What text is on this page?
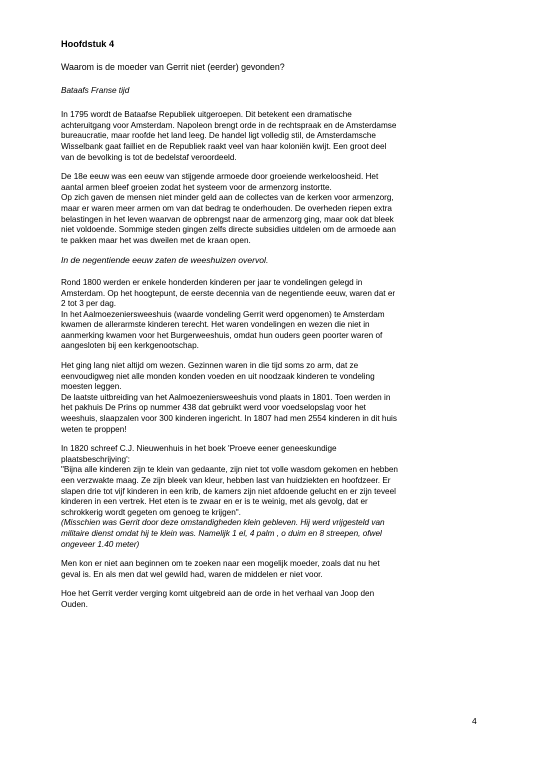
Hoofdstuk 4

Waarom is de moeder van Gerrit niet (eerder) gevonden?

Bataafs Franse tijd

In 1795 wordt de Bataafse Republiek uitgeroepen. Dit betekent een dramatische
achteruitgang voor Amsterdam. Napoleon brengt orde in de rechtspraak en de Amsterdamse
bureaucratie, maar roofde het land leeg. De handel ligt volledig stil, de Amsterdamsche
Wisselbank gaat failliet en de Republiek raakt veel van haar koloniën kwijt. Een groot deel
van de bevolking is tot de bedelstaf veroordeeld.

De 18e eeuw was een eeuw van stijgende armoede door groeiende werkeloosheid. Het
aantal armen bleef groeien zodat het systeem voor de armenzorg instortte.
Op zich gaven de mensen niet minder geld aan de collectes van de kerken voor armenzorg,
maar er waren meer armen om van dat bedrag te onderhouden. De overheden riepen extra
belastingen in het leven waarvan de opbrengst naar de armenzorg ging, maar ook dat bleek
niet voldoende. Sommige steden gingen zelfs directe subsidies uitdelen om de armoede aan
te pakken maar het was dweilen met de kraan open.

In de negentiende eeuw zaten de weeshuizen overvol.

Rond 1800 werden er enkele honderden kinderen per jaar te vondelingen gelegd in
Amsterdam. Op het hoogtepunt, de eerste decennia van de negentiende eeuw, waren dat er
2 tot 3 per dag.
In het Aalmoezeniersweeshuis (waarde vondeling Gerrit werd opgenomen) te Amsterdam
kwamen de allerarmste kinderen terecht. Het waren vondelingen en wezen die niet in
aanmerking kwamen voor het Burgerweeshuis, omdat hun ouders geen poorter waren of
aangesloten bij een kerkgenootschap.

Het ging lang niet altijd om wezen. Gezinnen waren in die tijd soms zo arm, dat ze
eenvoudigweg niet alle monden konden voeden en uit noodzaak kinderen te vondeling
moesten leggen.
De laatste uitbreiding van het Aalmoezeniersweeshuis vond plaats in 1801. Toen werden in
het pakhuis De Prins op nummer 438 dat gebruikt werd voor voedselopslag voor het
weeshuis, slaapzalen voor 300 kinderen ingericht. In 1807 had men 2554 kinderen in dit huis
weten te proppen!

In 1820 schreef C.J. Nieuwenhuis in het boek 'Proeve eener geneeskundige
plaatsbeschrijving':
"Bijna alle kinderen zijn te klein van gedaante, zijn niet tot volle wasdom gekomen en hebben
een verzwakte maag. Ze zijn bleek van kleur, hebben last van huidziekten en hoofdzeer. Er
slapen drie tot vijf kinderen in een krib, de kamers zijn niet afdoende gelucht en er zijn teveel
kinderen in een vertrek. Het eten is te zwaar en er is te weinig, met als gevolg, dat er
schrokkerig wordt gegeten om genoeg te krijgen".
(Misschien was Gerrit door deze omstandigheden klein gebleven. Hij werd vrijgesteld van
militaire dienst omdat hij te klein was. Namelijk 1 el, 4 palm , o duim en 8 streepen, ofwel
ongeveer 1.40 meter)

Men kon er niet aan beginnen om te zoeken naar een mogelijk moeder, zoals dat nu het
geval is. En als men dat wel gewild had, waren de middelen er niet voor.

Hoe het Gerrit verder verging komt uitgebreid aan de orde in het verhaal van Joop den
Ouden.

4
